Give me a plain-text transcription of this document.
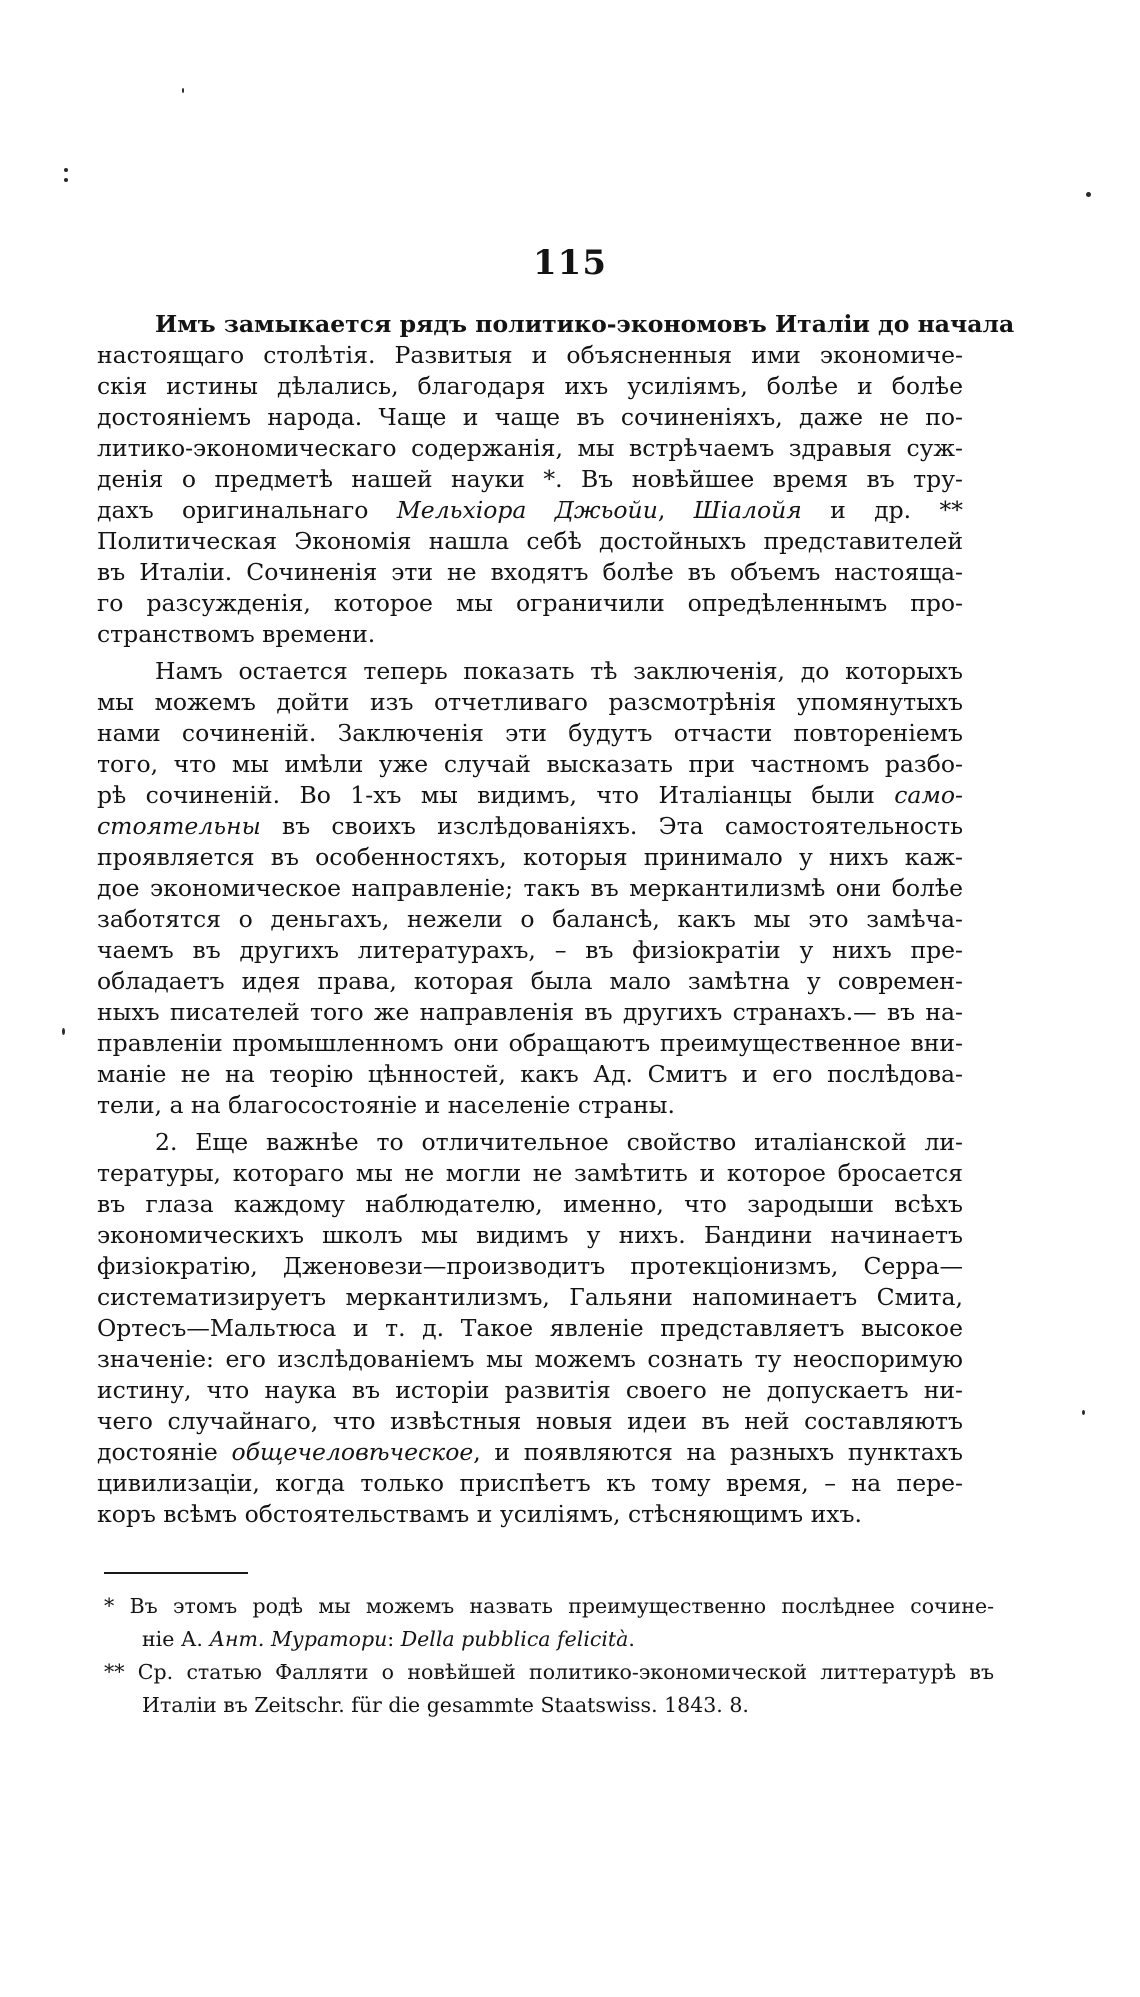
115

Имъ замыкается рядъ политико-экономовъ Италіи до начала

настоящаго столѣтія. Развитыя и объясненныя ими экономиче-

скія истины дѣлались, благодаря ихъ усиліямъ, болѣе и болѣе

достояніемъ народа. Чаще и чаще въ сочиненіяхъ, даже не по-

литико-экономическаго содержанія, мы встрѣчаемъ здравыя суж-

денія о предметѣ нашей науки *. Въ новѣйшее время въ тру-

дахъ оригинальнаго Мельхіора Джьойи, Шіалойя и др. **

Политическая Экономія нашла себѣ достойныхъ представителей

въ Италіи. Сочиненія эти не входятъ болѣе въ объемъ настояща-

го разсужденія, которое мы ограничили опредѣленнымъ про-

странствомъ времени.

Намъ остается теперь показать тѣ заключенія, до которыхъ

мы можемъ дойти изъ отчетливаго разсмотрѣнія упомянутыхъ

нами сочиненій. Заключенія эти будутъ отчасти повтореніемъ

того, что мы имѣли уже случай высказать при частномъ разбо-

рѣ сочиненій. Во 1-хъ мы видимъ, что Италіанцы были само-

стоятельны въ своихъ изслѣдованіяхъ. Эта самостоятельность

проявляется въ особенностяхъ, которыя принимало у нихъ каж-

дое экономическое направленіе; такъ въ меркантилизмѣ они болѣе

заботятся о деньгахъ, нежели о балансѣ, какъ мы это замѣча-

чаемъ въ другихъ литературахъ, – въ физіократіи у нихъ пре-

обладаетъ идея права, которая была мало замѣтна у современ-

ныхъ писателей того же направленія въ другихъ странахъ.— въ на-

правленіи промышленномъ они обращаютъ преимущественное вни-

маніе не на теорію цѣнностей, какъ Ад. Смитъ и его послѣдова-

тели, а на благосостояніе и населеніе страны.

2. Еще важнѣе то отличительное свойство италіанской ли-

тературы, котораго мы не могли не замѣтить и которое бросается

въ глаза каждому наблюдателю, именно, что зародыши всѣхъ

экономическихъ школъ мы видимъ у нихъ. Бандини начинаетъ

физіократію, Дженовези—производитъ протекціонизмъ, Серра—

систематизируетъ меркантилизмъ, Гальяни напоминаетъ Смита,

Ортесъ—Мальтюса и т. д. Такое явленіе представляетъ высокое

значеніе: его изслѣдованіемъ мы можемъ сознать ту неоспоримую

истину, что наука въ исторіи развитія своего не допускаетъ ни-

чего случайнаго, что извѣстныя новыя идеи въ ней составляютъ

достояніе общечеловѣческое, и появляются на разныхъ пунктахъ

цивилизаціи, когда только приспѣетъ къ тому время, – на пере-

коръ всѣмъ обстоятельствамъ и усиліямъ, стѣсняющимъ ихъ.

* Въ этомъ родѣ мы можемъ назвать преимущественно послѣднее сочине-

ніе А. Ант. Муратори: Della pubblica felicità.

** Ср. статью Фалляти о новѣйшей политико-экономической литтературѣ въ

Италіи въ Zeitschr. für die gesammte Staatswiss. 1843. 8.
